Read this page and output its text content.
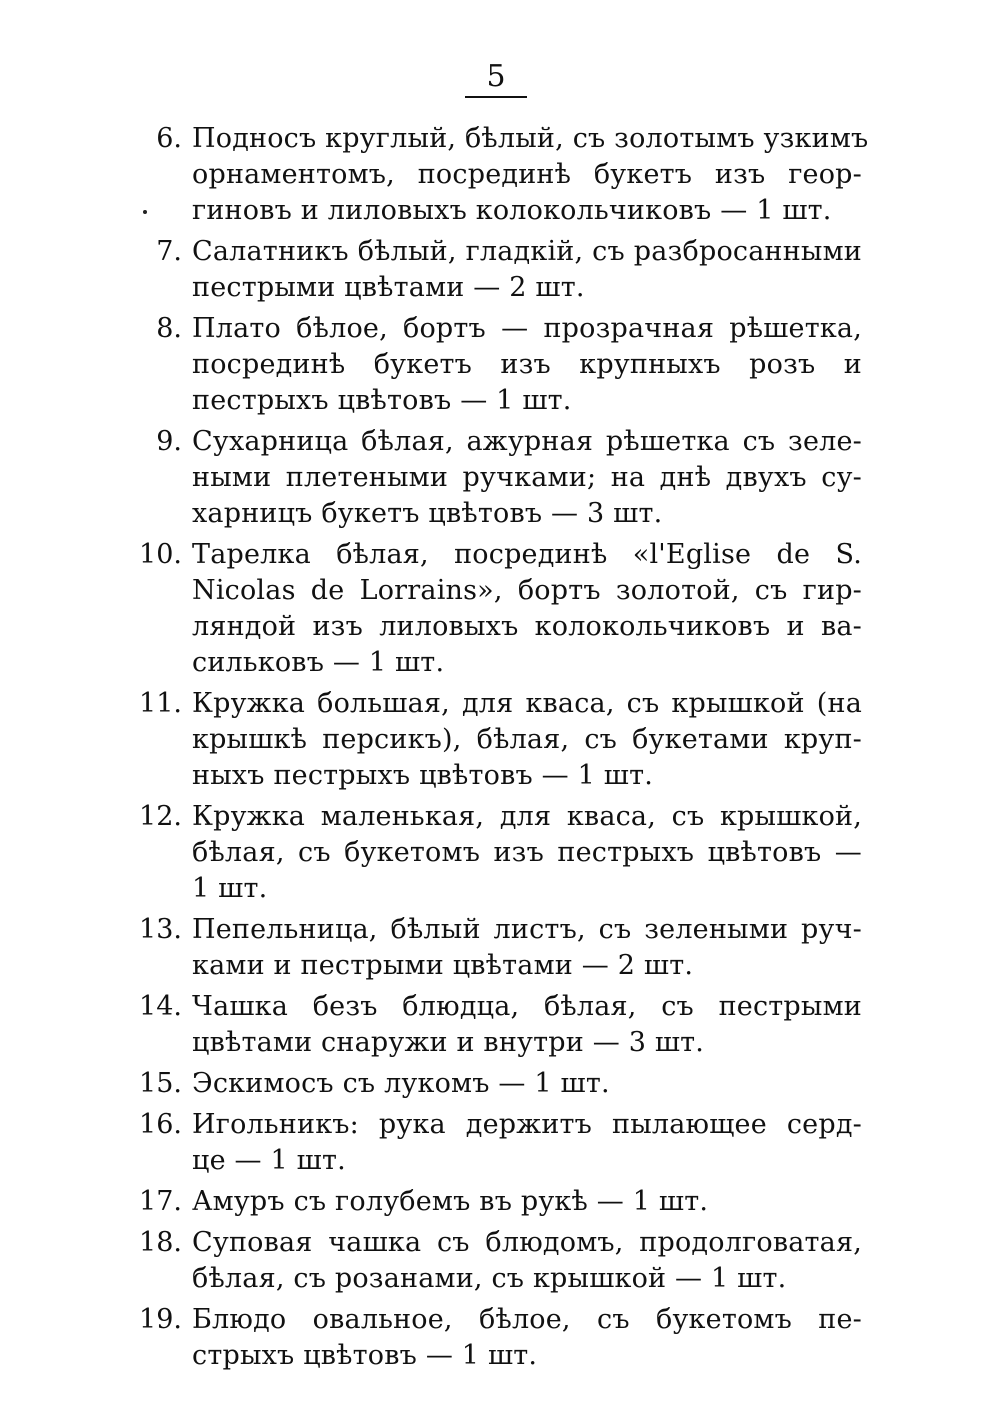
5
6. Подносъ круглый, бѣлый, съ золотымъ узкимъ
орнаментомъ, посрединѣ букетъ изъ геор-
гиновъ и лиловыхъ колокольчиковъ — 1 шт.
7. Салатникъ бѣлый, гладкій, съ разбросанными
пестрыми цвѣтами — 2 шт.
8. Плато бѣлое, бортъ — прозрачная рѣшетка,
посрединѣ букетъ изъ крупныхъ розъ и
пестрыхъ цвѣтовъ — 1 шт.
9. Сухарница бѣлая, ажурная рѣшетка съ зеле-
ными плетеными ручками; на днѣ двухъ су-
харницъ букетъ цвѣтовъ — 3 шт.
10. Тарелка бѣлая, посрединѣ «l'Eglise de S.
Nicolas de Lorrains», бортъ золотой, съ гир-
ляндой изъ лиловыхъ колокольчиковъ и ва-
сильковъ — 1 шт.
11. Кружка большая, для кваса, съ крышкой (на
крышкѣ персикъ), бѣлая, съ букетами круп-
ныхъ пестрыхъ цвѣтовъ — 1 шт.
12. Кружка маленькая, для кваса, съ крышкой,
бѣлая, съ букетомъ изъ пестрыхъ цвѣтовъ —
1 шт.
13. Пепельница, бѣлый листъ, съ зелеными руч-
ками и пестрыми цвѣтами — 2 шт.
14. Чашка безъ блюдца, бѣлая, съ пестрыми
цвѣтами снаружи и внутри — 3 шт.
15. Эскимосъ съ лукомъ — 1 шт.
16. Игольникъ: рука держитъ пылающее серд-
це — 1 шт.
17. Амуръ съ голубемъ въ рукѣ — 1 шт.
18. Суповая чашка съ блюдомъ, продолговатая,
бѣлая, съ розанами, съ крышкой — 1 шт.
19. Блюдо овальное, бѣлое, съ букетомъ пе-
стрыхъ цвѣтовъ — 1 шт.
